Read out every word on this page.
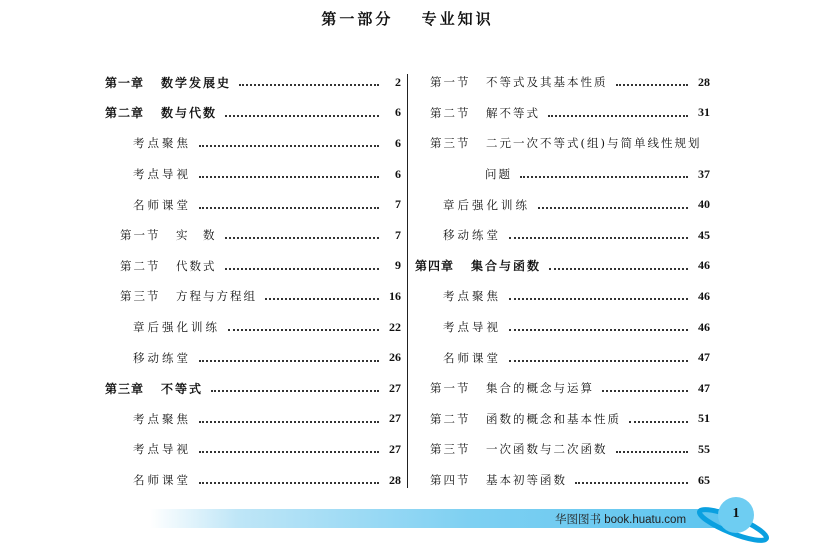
第一部分 专业知识
第一章	数学发展史	2
第二章	数与代数	6
考点聚焦	6
考点导视	6
名师课堂	7
第一节	实　数	7
第二节	代数式	9
第三节	方程与方程组	16
章后强化训练	22
移动练堂	26
第三章	不等式	27
考点聚焦	27
考点导视	27
名师课堂	28
第一节	不等式及其基本性质	28
第二节	解不等式	31
第三节	二元一次不等式(组)与简单线性规划
问题	37
章后强化训练	40
移动练堂	45
第四章	集合与函数	46
考点聚焦	46
考点导视	46
名师课堂	47
第一节	集合的概念与运算	47
第二节	函数的概念和基本性质	51
第三节	一次函数与二次函数	55
第四节	基本初等函数	65
华图图书 book.huatu.com	1
